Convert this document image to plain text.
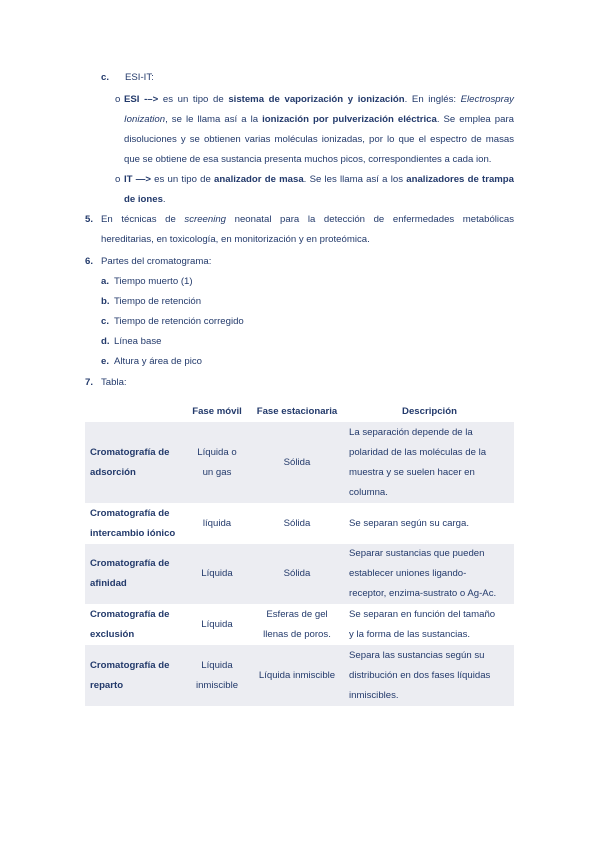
c. ESI-IT:
o ESI -–> es un tipo de sistema de vaporización y ionización. En inglés: Electrospray
Ionization, se le llama así a la ionización por pulverización eléctrica. Se emplea para
disoluciones y se obtienen varias moléculas ionizadas, por lo que el espectro de masas
que se obtiene de esa sustancia presenta muchos picos, correspondientes a cada ion.
o IT —> es un tipo de analizador de masa. Se les llama así a los analizadores de trampa
de iones.
5. En técnicas de screening neonatal para la detección de enfermedades metabólicas
hereditarias, en toxicología, en monitorización y en proteómica.
6. Partes del cromatograma:
a. Tiempo muerto (1)
b. Tiempo de retención
c. Tiempo de retención corregido
d. Línea base
e. Altura y área de pico
7. Tabla:
	Fase móvil	Fase estacionaria	Descripción
Cromatografía de
adsorción	Líquida o
un gas	Sólida	La separación depende de la
polaridad de las moléculas de la
muestra y se suelen hacer en
columna.
Cromatografía de
intercambio iónico	líquida	Sólida	Se separan según su carga.
Cromatografía de
afinidad	Líquida	Sólida	Separar sustancias que pueden
establecer uniones ligando-
receptor, enzima-sustrato o Ag-Ac.
Cromatografía de
exclusión	Líquida	Esferas de gel
llenas de poros.	Se separan en función del tamaño
y la forma de las sustancias.
Cromatografía de
reparto	Líquida
inmiscible	Líquida inmiscible	Separa las sustancias según su
distribución en dos fases líquidas
inmiscibles.
